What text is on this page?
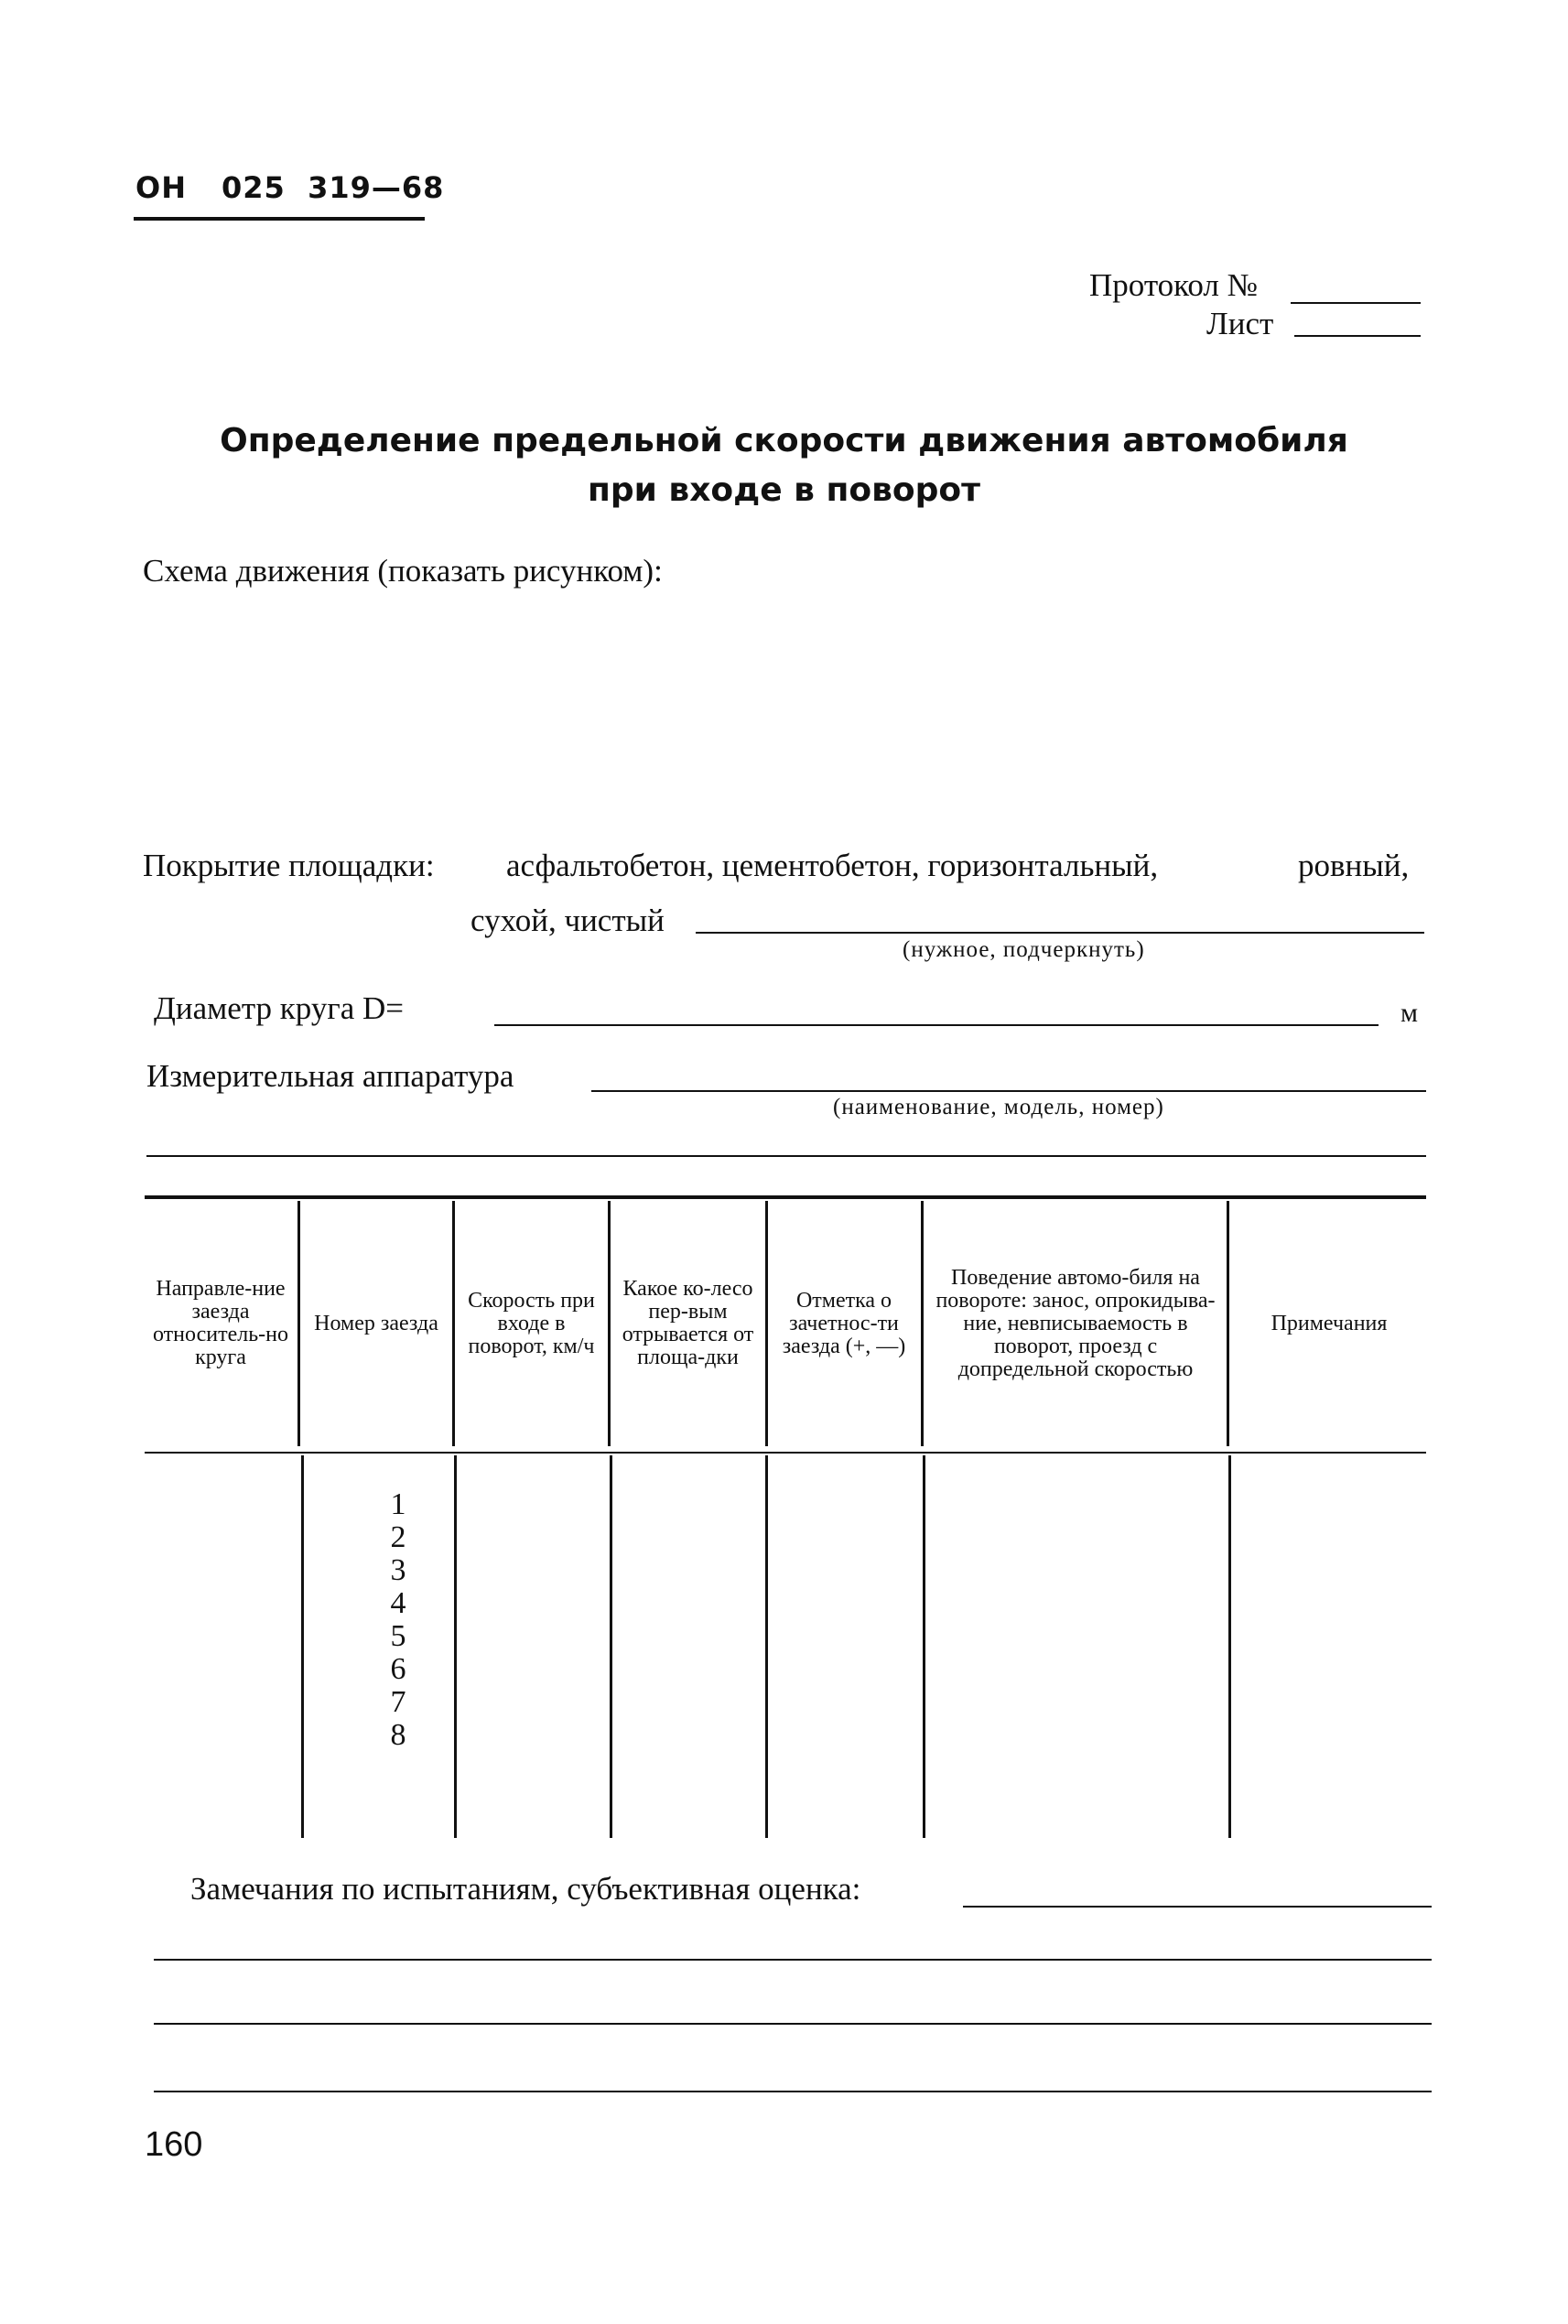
ОН 025 319—68
Протокол №
Лист
Определение предельной скорости движения автомобиля
при входе в поворот
Схема движения (показать рисунком):
Покрытие площадки: асфальтобетон, цементобетон, горизонтальный,	ровный,
сухой, чистый
(нужное, подчеркнуть)
Диаметр круга D=	м
Измерительная аппаратура
(наименование, модель, номер)
Направле-ние заезда относитель-но круга
Номер заезда
Скорость при входе в поворот, км/ч
Какое ко-лесо пер-вым отрывается от площа-дки
Отметка о зачетнос-ти заезда (+, —)
Поведение автомо-биля на повороте: занос, опрокидыва-ние, невписываемость в поворот, проезд с допредельной скоростью
Примечания
1
2
3
4
5
6
7
8
Замечания по испытаниям, субъективная оценка:
160
